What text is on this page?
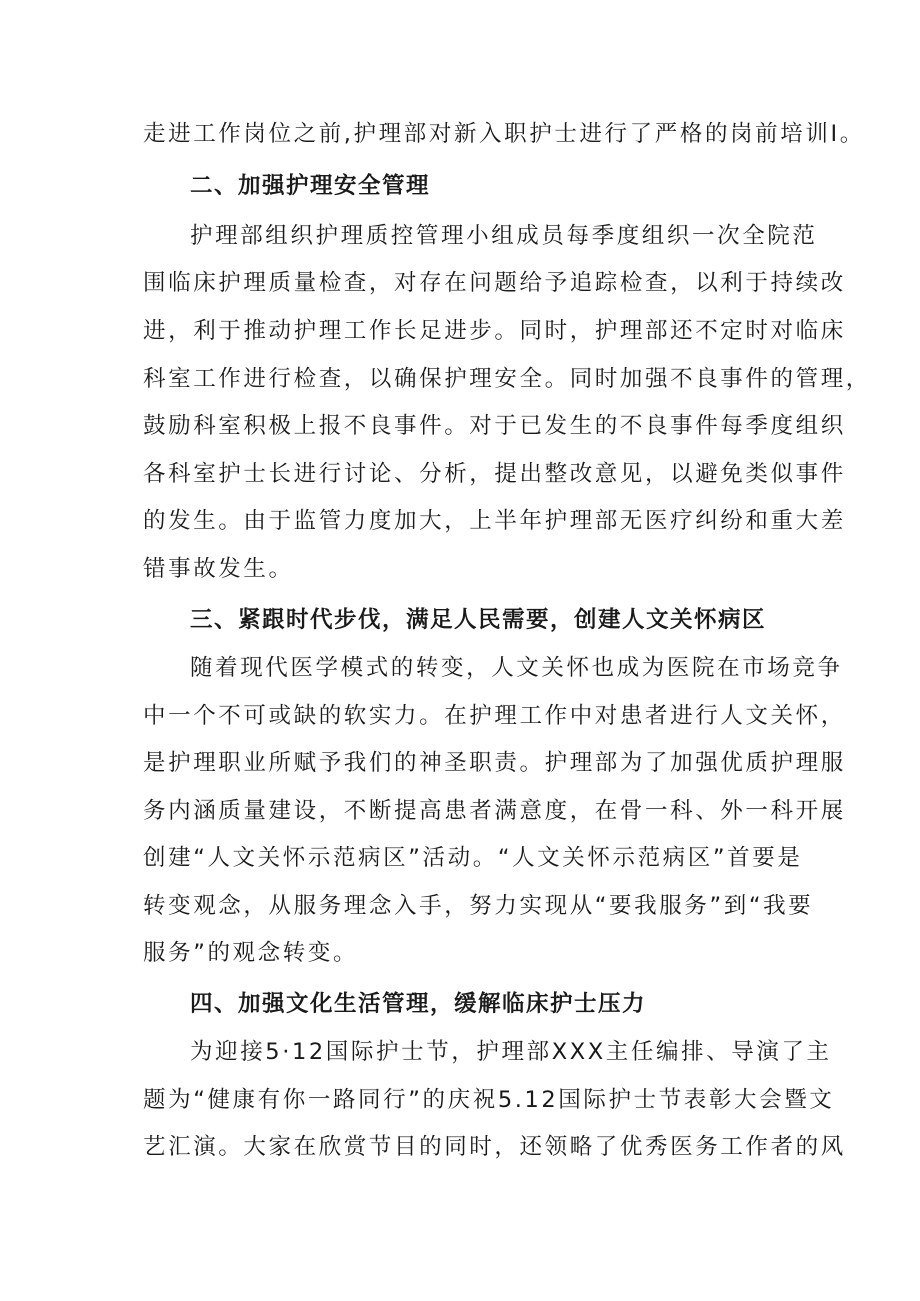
走进工作岗位之前,护理部对新入职护士进行了严格的岗前培训I。
二、加强护理安全管理
护理部组织护理质控管理小组成员每季度组织一次全院范
围临床护理质量检查，对存在问题给予追踪检查，以利于持续改
进，利于推动护理工作长足进步。同时，护理部还不定时对临床
科室工作进行检查，以确保护理安全。同时加强不良事件的管理，
鼓励科室积极上报不良事件。对于已发生的不良事件每季度组织
各科室护士长进行讨论、分析，提出整改意见，以避免类似事件
的发生。由于监管力度加大，上半年护理部无医疗纠纷和重大差
错事故发生。
三、紧跟时代步伐，满足人民需要，创建人文关怀病区
随着现代医学模式的转变，人文关怀也成为医院在市场竞争
中一个不可或缺的软实力。在护理工作中对患者进行人文关怀，
是护理职业所赋予我们的神圣职责。护理部为了加强优质护理服
务内涵质量建设，不断提高患者满意度，在骨一科、外一科开展
创建“人文关怀示范病区”活动。“人文关怀示范病区”首要是
转变观念，从服务理念入手，努力实现从“要我服务”到“我要
服务”的观念转变。
四、加强文化生活管理，缓解临床护士压力
为迎接5·12国际护士节，护理部XXX主任编排、导演了主
题为“健康有你一路同行”的庆祝5.12国际护士节表彰大会暨文
艺汇演。大家在欣赏节目的同时，还领略了优秀医务工作者的风
